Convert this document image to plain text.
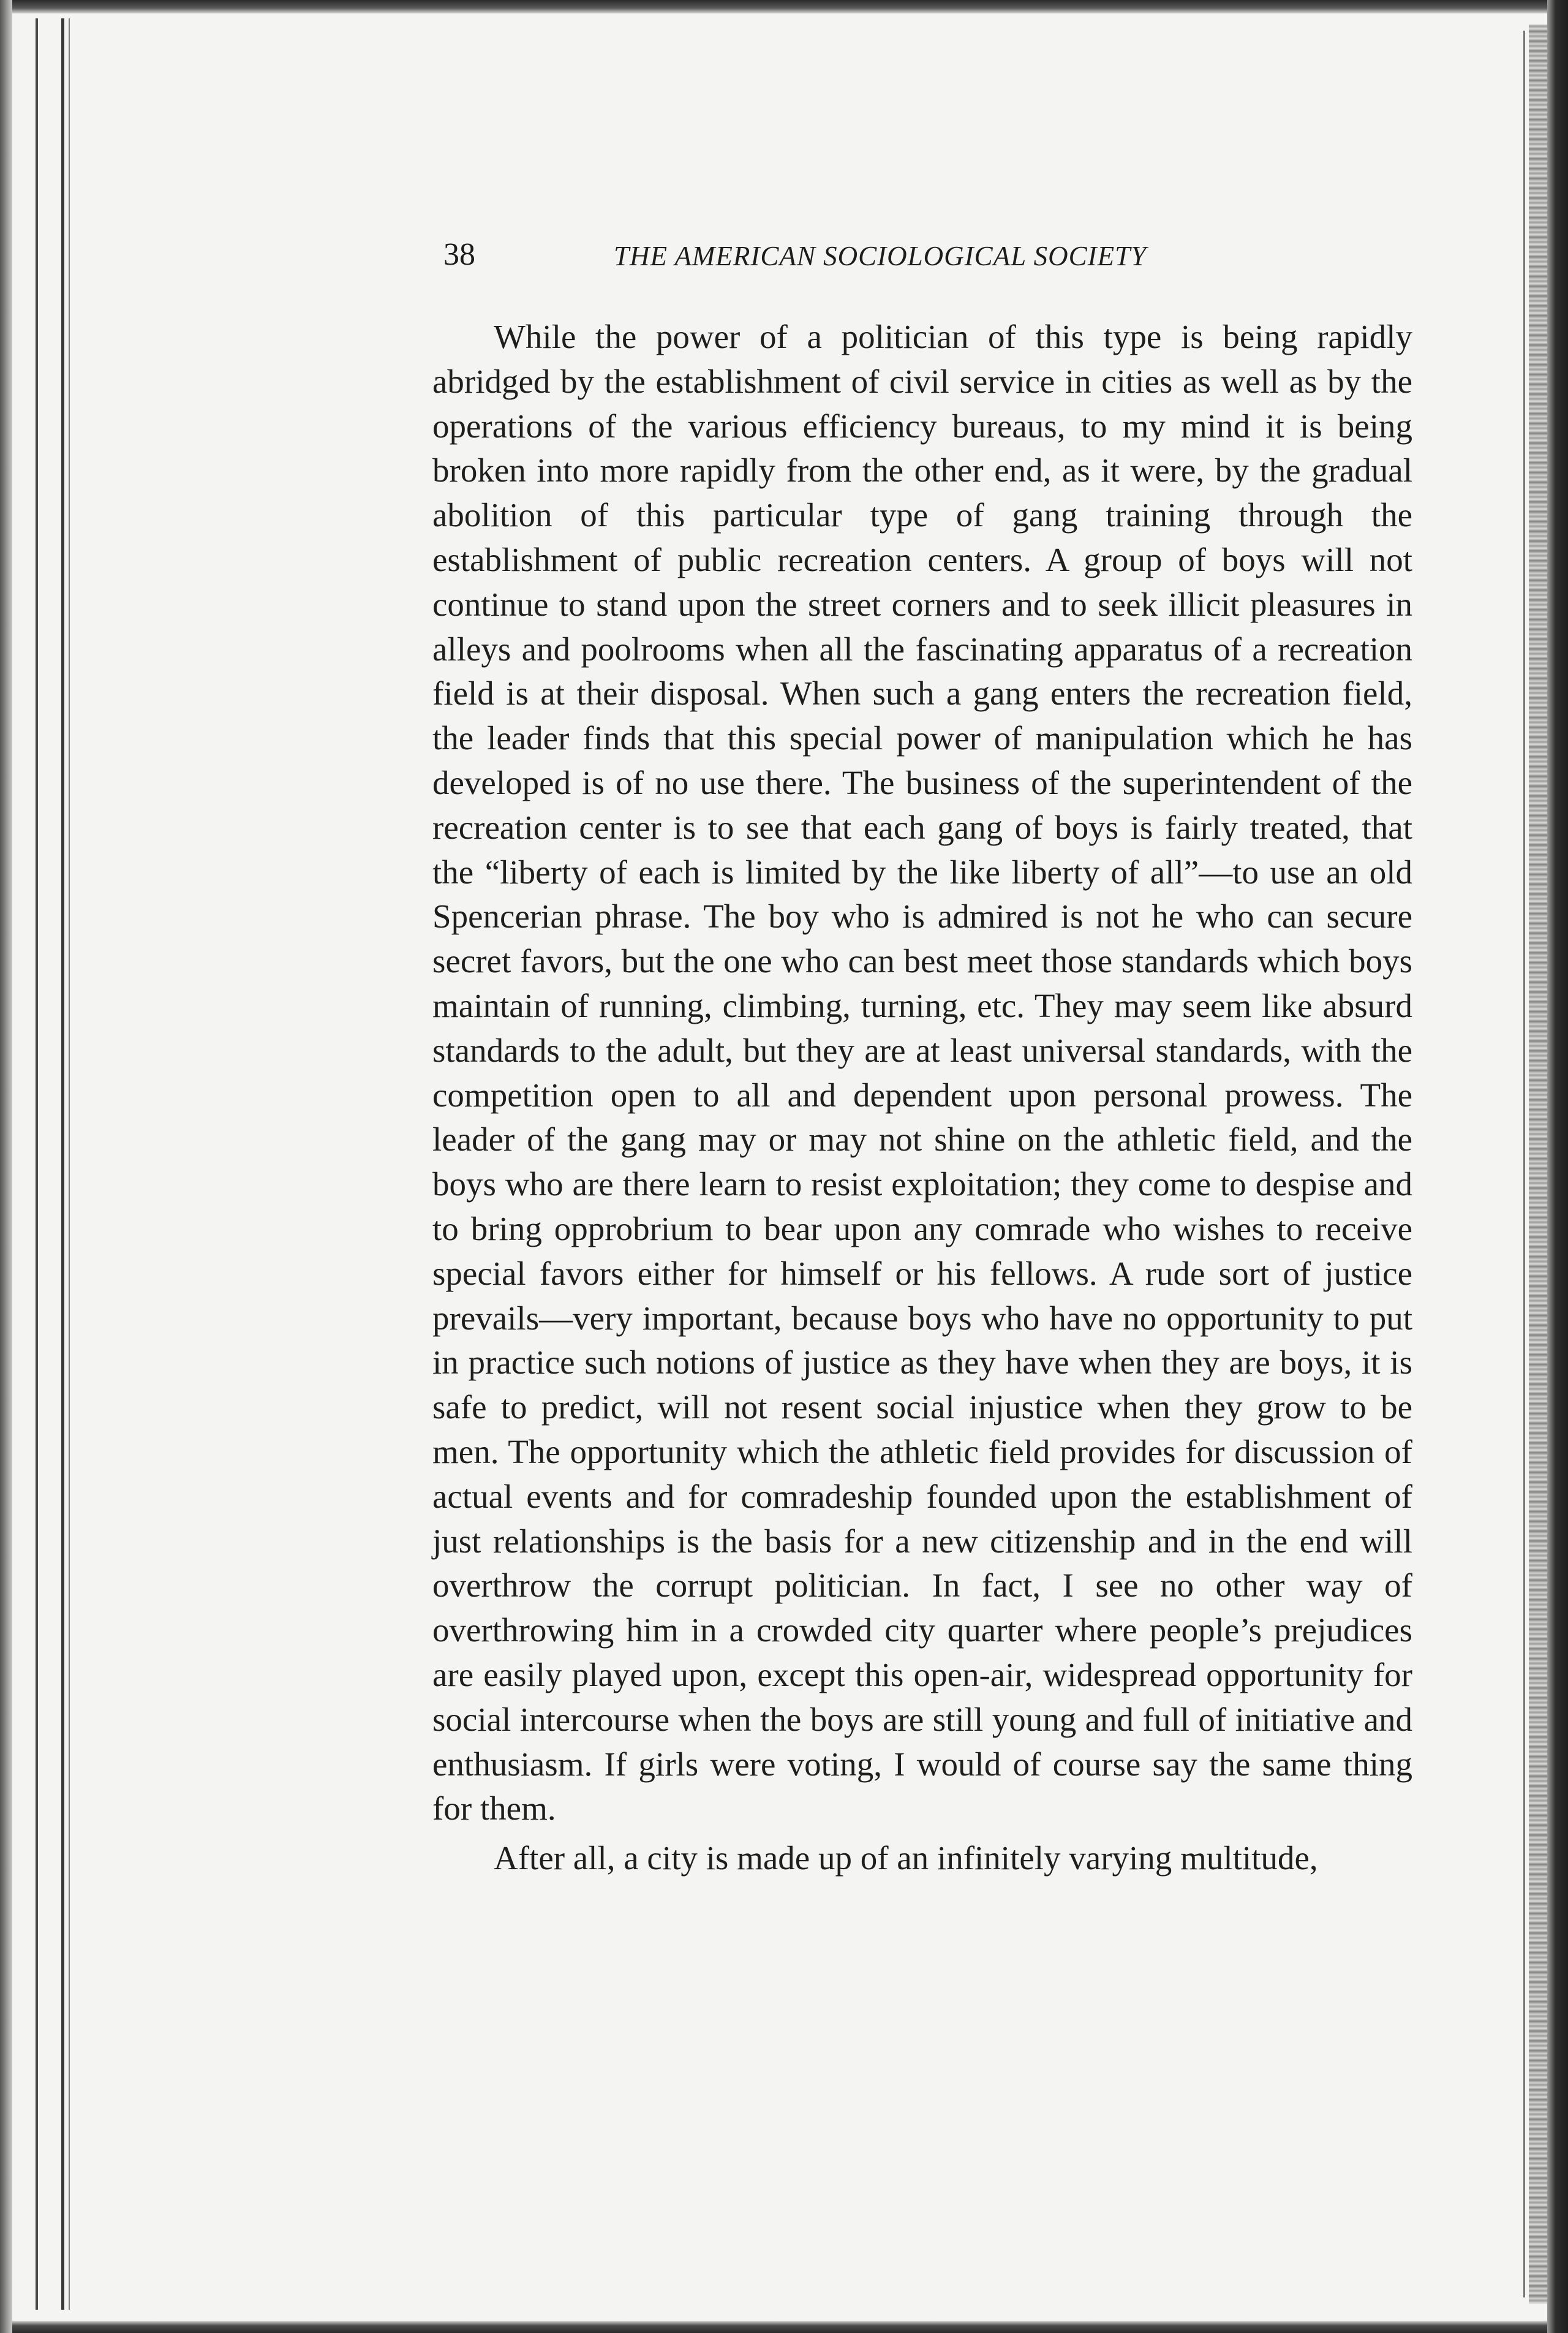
38	THE AMERICAN SOCIOLOGICAL SOCIETY

While the power of a politician of this type is being rapidly abridged by the establishment of civil service in cities as well as by the operations of the various efficiency bureaus, to my mind it is being broken into more rapidly from the other end, as it were, by the gradual abolition of this particular type of gang training through the establishment of public recreation centers. A group of boys will not continue to stand upon the street corners and to seek illicit pleasures in alleys and poolrooms when all the fascinating apparatus of a recreation field is at their disposal. When such a gang enters the recreation field, the leader finds that this special power of manipulation which he has developed is of no use there. The business of the superintendent of the recreation center is to see that each gang of boys is fairly treated, that the “liberty of each is limited by the like liberty of all”—to use an old Spencerian phrase. The boy who is admired is not he who can secure secret favors, but the one who can best meet those standards which boys maintain of running, climbing, turning, etc. They may seem like absurd standards to the adult, but they are at least universal standards, with the competition open to all and dependent upon personal prowess. The leader of the gang may or may not shine on the athletic field, and the boys who are there learn to resist exploitation; they come to despise and to bring opprobrium to bear upon any comrade who wishes to receive special favors either for himself or his fellows. A rude sort of justice prevails—very important, because boys who have no opportunity to put in practice such notions of justice as they have when they are boys, it is safe to predict, will not resent social injustice when they grow to be men. The opportunity which the athletic field provides for discussion of actual events and for comradeship founded upon the establishment of just relationships is the basis for a new citizenship and in the end will overthrow the corrupt politician. In fact, I see no other way of overthrowing him in a crowded city quarter where people’s prejudices are easily played upon, except this open-air, widespread opportunity for social intercourse when the boys are still young and full of initiative and enthusiasm. If girls were voting, I would of course say the same thing for them.

After all, a city is made up of an infinitely varying multitude,
